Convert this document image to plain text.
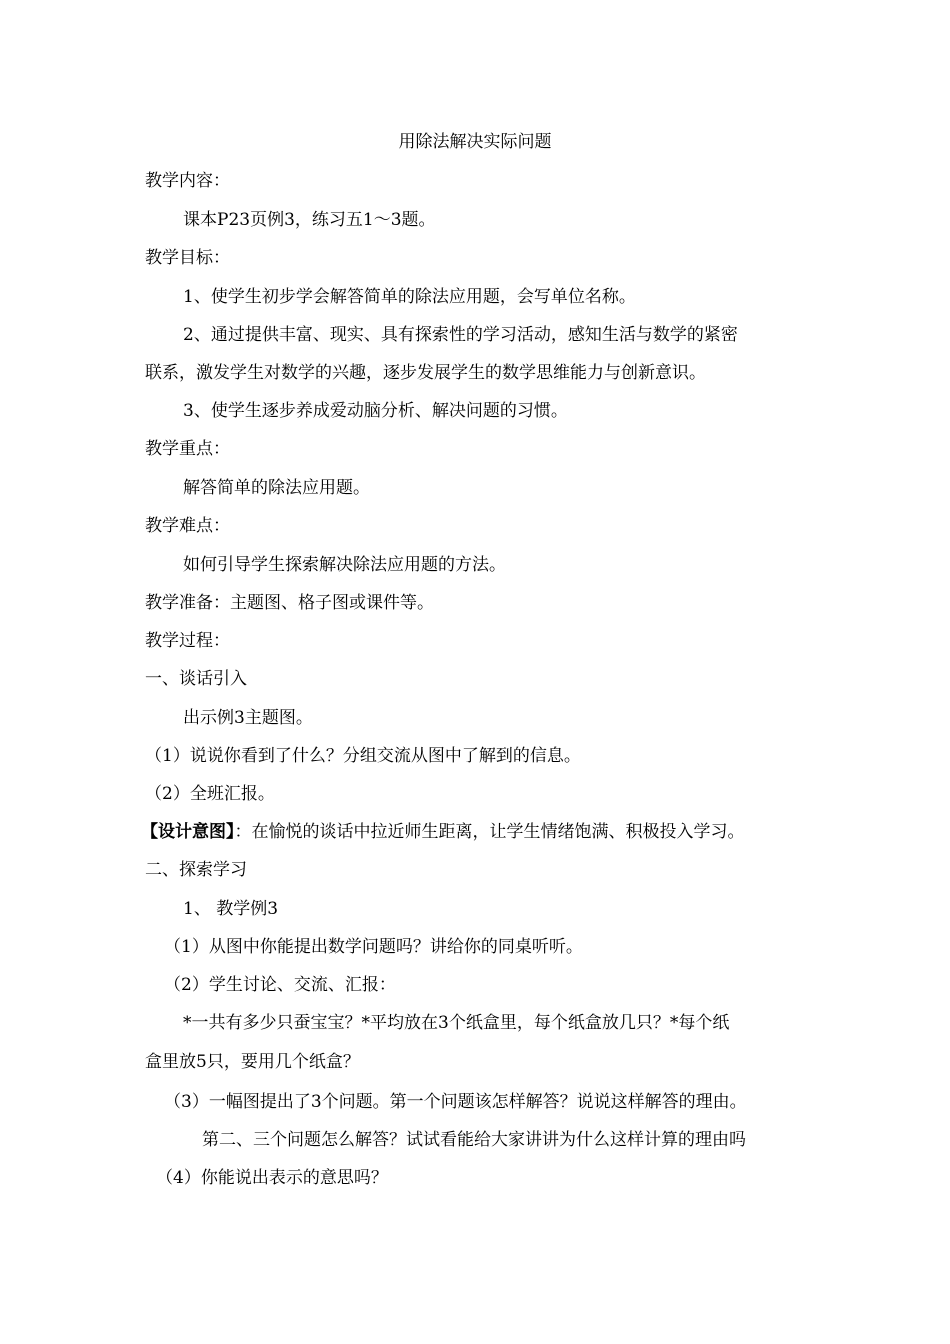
用除法解决实际问题
教学内容：
课本P23页例3，练习五1～3题。
教学目标：
1、使学生初步学会解答简单的除法应用题，会写单位名称。
2、通过提供丰富、现实、具有探索性的学习活动，感知生活与数学的紧密
联系，激发学生对数学的兴趣，逐步发展学生的数学思维能力与创新意识。
3、使学生逐步养成爱动脑分析、解决问题的习惯。
教学重点：
解答简单的除法应用题。
教学难点：
如何引导学生探索解决除法应用题的方法。
教学准备：主题图、格子图或课件等。
教学过程：
一、谈话引入
出示例3主题图。
（1）说说你看到了什么？分组交流从图中了解到的信息。
（2）全班汇报。
【设计意图】：在愉悦的谈话中拉近师生距离，让学生情绪饱满、积极投入学习。
二、探索学习
1、 教学例3
（1）从图中你能提出数学问题吗？讲给你的同桌听听。
（2）学生讨论、交流、汇报：
*一共有多少只蚕宝宝？*平均放在3个纸盒里，每个纸盒放几只？*每个纸
盒里放5只，要用几个纸盒？
（3）一幅图提出了3个问题。第一个问题该怎样解答？说说这样解答的理由。
第二、三个问题怎么解答？试试看能给大家讲讲为什么这样计算的理由吗
（4）你能说出表示的意思吗？
